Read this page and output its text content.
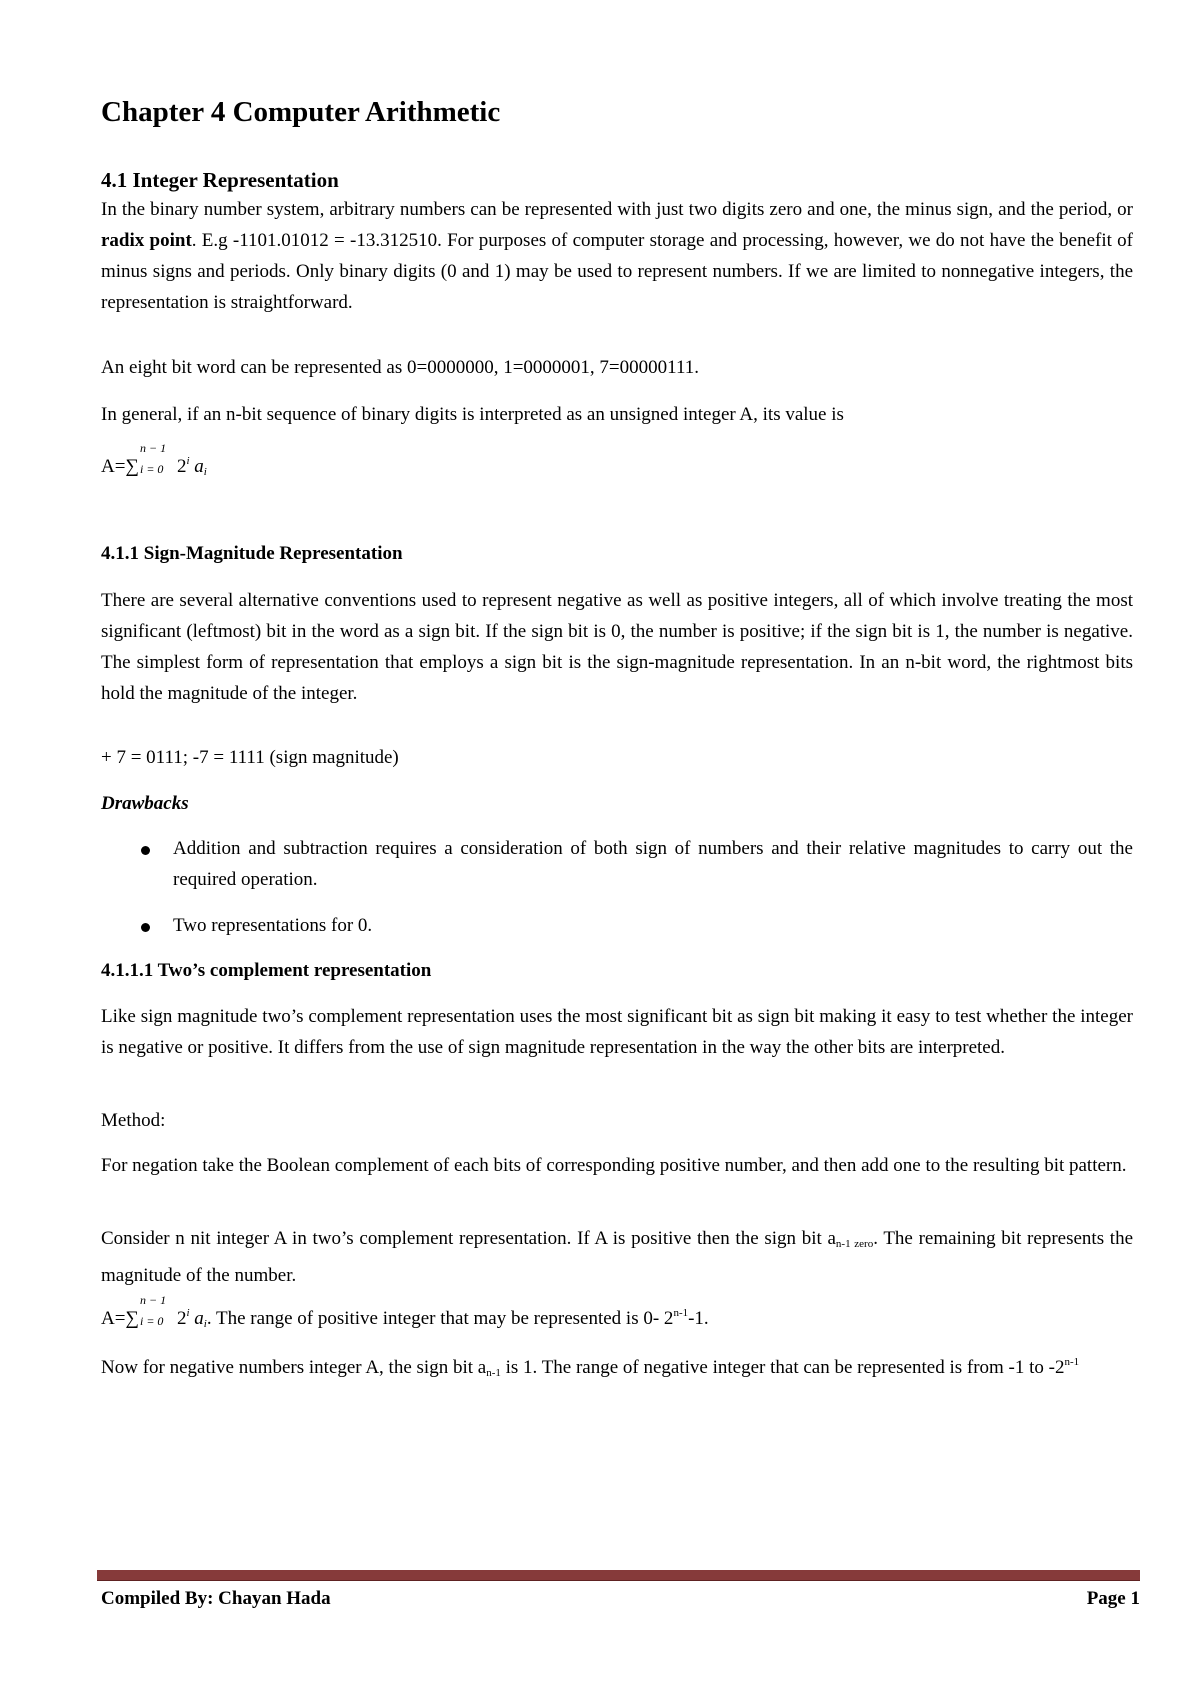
Chapter 4 Computer Arithmetic
4.1 Integer Representation

In the binary number system, arbitrary numbers can be represented with just two digits zero and one, the minus sign, and the period, or radix point. E.g -1101.01012 = -13.312510. For purposes of computer storage and processing, however, we do not have the benefit of minus signs and periods. Only binary digits (0 and 1) may be used to represent numbers. If we are limited to nonnegative integers, the representation is straightforward.

An eight bit word can be represented as 0=0000000, 1=0000001, 7=00000111.

In general, if an n-bit sequence of binary digits is interpreted as an unsigned integer A, its value is

A=∑
n − 1
i = 0 2$^i$ $a_i$
4.1.1 Sign-Magnitude Representation

There are several alternative conventions used to represent negative as well as positive integers, all of which involve treating the most significant (leftmost) bit in the word as a sign bit. If the sign bit is 0, the number is positive; if the sign bit is 1, the number is negative. The simplest form of representation that employs a sign bit is the sign-magnitude representation. In an n-bit word, the rightmost bits hold the magnitude of the integer.

+ 7 = 0111; -7 = 1111 (sign magnitude)

Drawbacks
Addition and subtraction requires a consideration of both sign of numbers and their relative magnitudes to carry out the required operation.
Two representations for 0.
4.1.1.1 Two’s complement representation

Like sign magnitude two’s complement representation uses the most significant bit as sign bit making it easy to test whether the integer is negative or positive. It differs from the use of sign magnitude representation in the way the other bits are interpreted.

Method:

For negation take the Boolean complement of each bits of corresponding positive number, and then add one to the resulting bit pattern.

Consider n nit integer A in two’s complement representation. If A is positive then the sign bit $a_{n-1 zero}$. The remaining bit represents the magnitude of the number.

A=∑
n − 1
i = 0 2$^i$ $a_i$. The range of positive integer that may be represented is 0- 2$^{n-1}$-1.

Now for negative numbers integer A, the sign bit $a_{n-1}$ is 1. The range of negative integer that can be represented is from -1 to -2$^{n-1}$

Compiled By: Chayan Hada	Page 1
